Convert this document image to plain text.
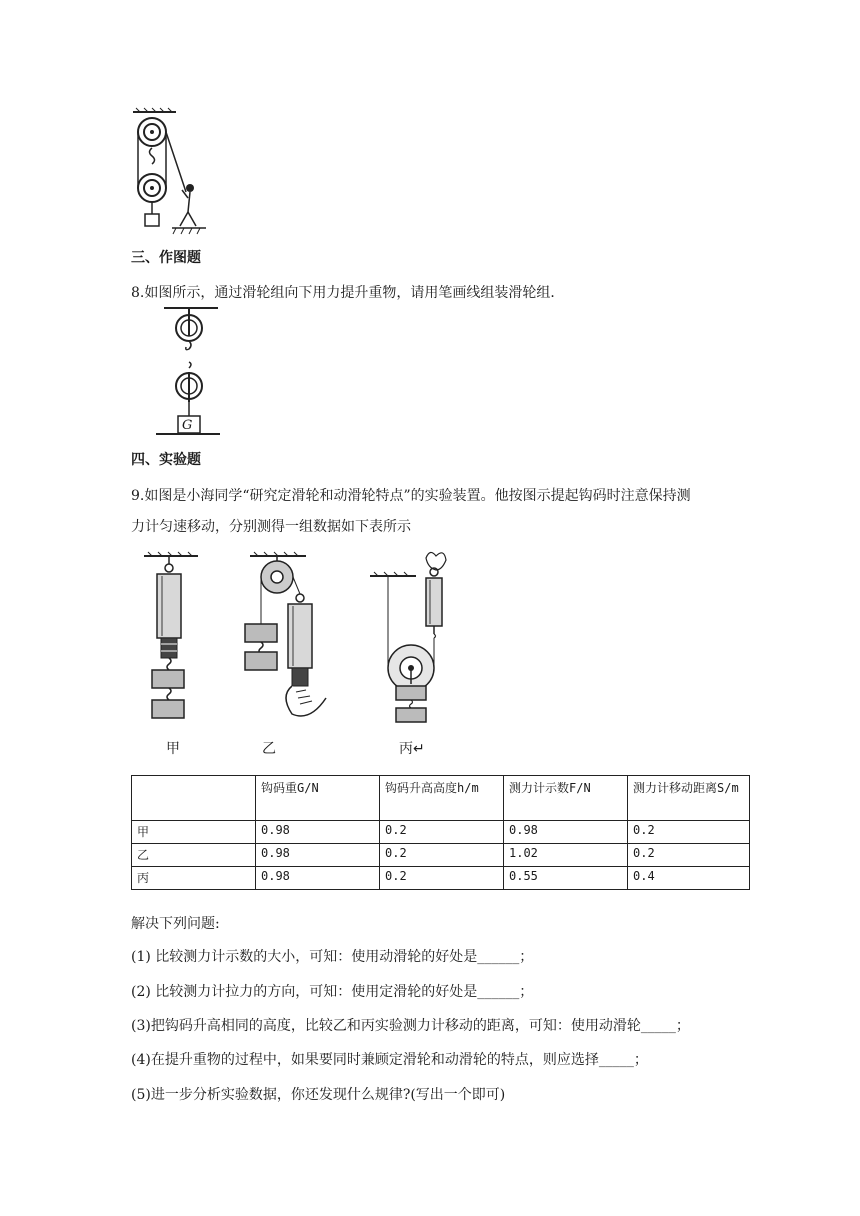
三、作图题
8.如图所示，通过滑轮组向下用力提升重物，请用笔画线组装滑轮组．
G
四、实验题
9.如图是小海同学“研究定滑轮和动滑轮特点”的实验装置。他按图示提起钩码时注意保持测
力计匀速移动，分别测得一组数据如下表所示
甲	乙	丙↵
	钩码重G/N	钩码升高高度h/m	测力计示数F/N	测力计移动距离S/m
甲	0.98	0.2	0.98	0.2
乙	0.98	0.2	1.02	0.2
丙	0.98	0.2	0.55	0.4
解决下列问题:
(1) 比较测力计示数的大小，可知：使用动滑轮的好处是______；
(2) 比较测力计拉力的方向，可知：使用定滑轮的好处是______；
(3)把钩码升高相同的高度，比较乙和丙实验测力计移动的距离，可知：使用动滑轮_____；
(4)在提升重物的过程中，如果要同时兼顾定滑轮和动滑轮的特点，则应选择_____；
(5)进一步分析实验数据，你还发现什么规律?(写出一个即可)
